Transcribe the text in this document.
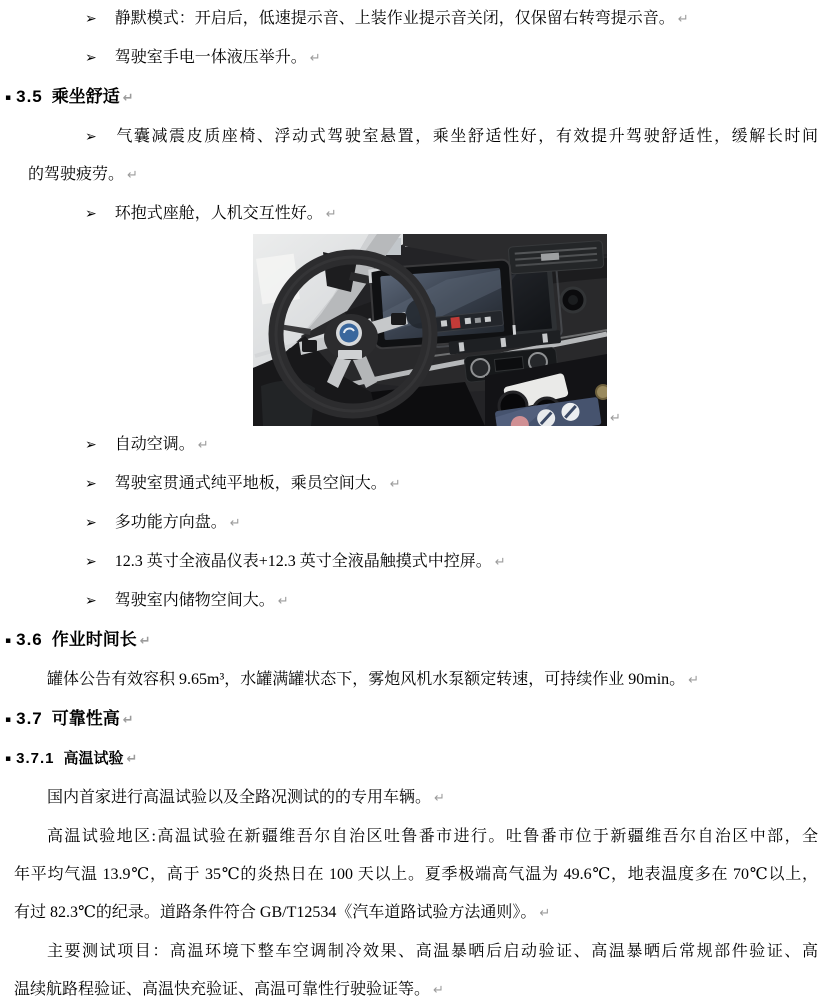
➢ 静默模式：开启后，低速提示音、上装作业提示音关闭，仅保留右转弯提示音。 ↵

➢ 驾驶室手电一体液压举升。 ↵

▪ 3.5 乘坐舒适 ↵
➢ 气囊减震皮质座椅、浮动式驾驶室悬置，乘坐舒适性好，有效提升驾驶舒适性，缓解长时间
的驾驶疲劳。 ↵

➢ 环抱式座舱，人机交互性好。 ↵

↵

➢ 自动空调。 ↵

➢ 驾驶室贯通式纯平地板，乘员空间大。 ↵

➢ 多功能方向盘。 ↵

➢ 12.3 英寸全液晶仪表+12.3 英寸全液晶触摸式中控屏。 ↵

➢ 驾驶室内储物空间大。 ↵

▪ 3.6 作业时间长 ↵

罐体公告有效容积 9.65m³，水罐满罐状态下，雾炮风机水泵额定转速，可持续作业 90min。 ↵

▪ 3.7 可靠性高 ↵
▪ 3.7.1 高温试验 ↵

国内首家进行高温试验以及全路况测试的的专用车辆。 ↵

高温试验地区:高温试验在新疆维吾尔自治区吐鲁番市进行。吐鲁番市位于新疆维吾尔自治区中部，全
年平均气温 13.9℃，高于 35℃的炎热日在 100 天以上。夏季极端高气温为 49.6℃，地表温度多在 70℃以上，
有过 82.3℃的纪录。道路条件符合 GB/T12534《汽车道路试验方法通则》。 ↵
主要测试项目：高温环境下整车空调制冷效果、高温暴晒后启动验证、高温暴晒后常规部件验证、高
温续航路程验证、高温快充验证、高温可靠性行驶验证等。 ↵
